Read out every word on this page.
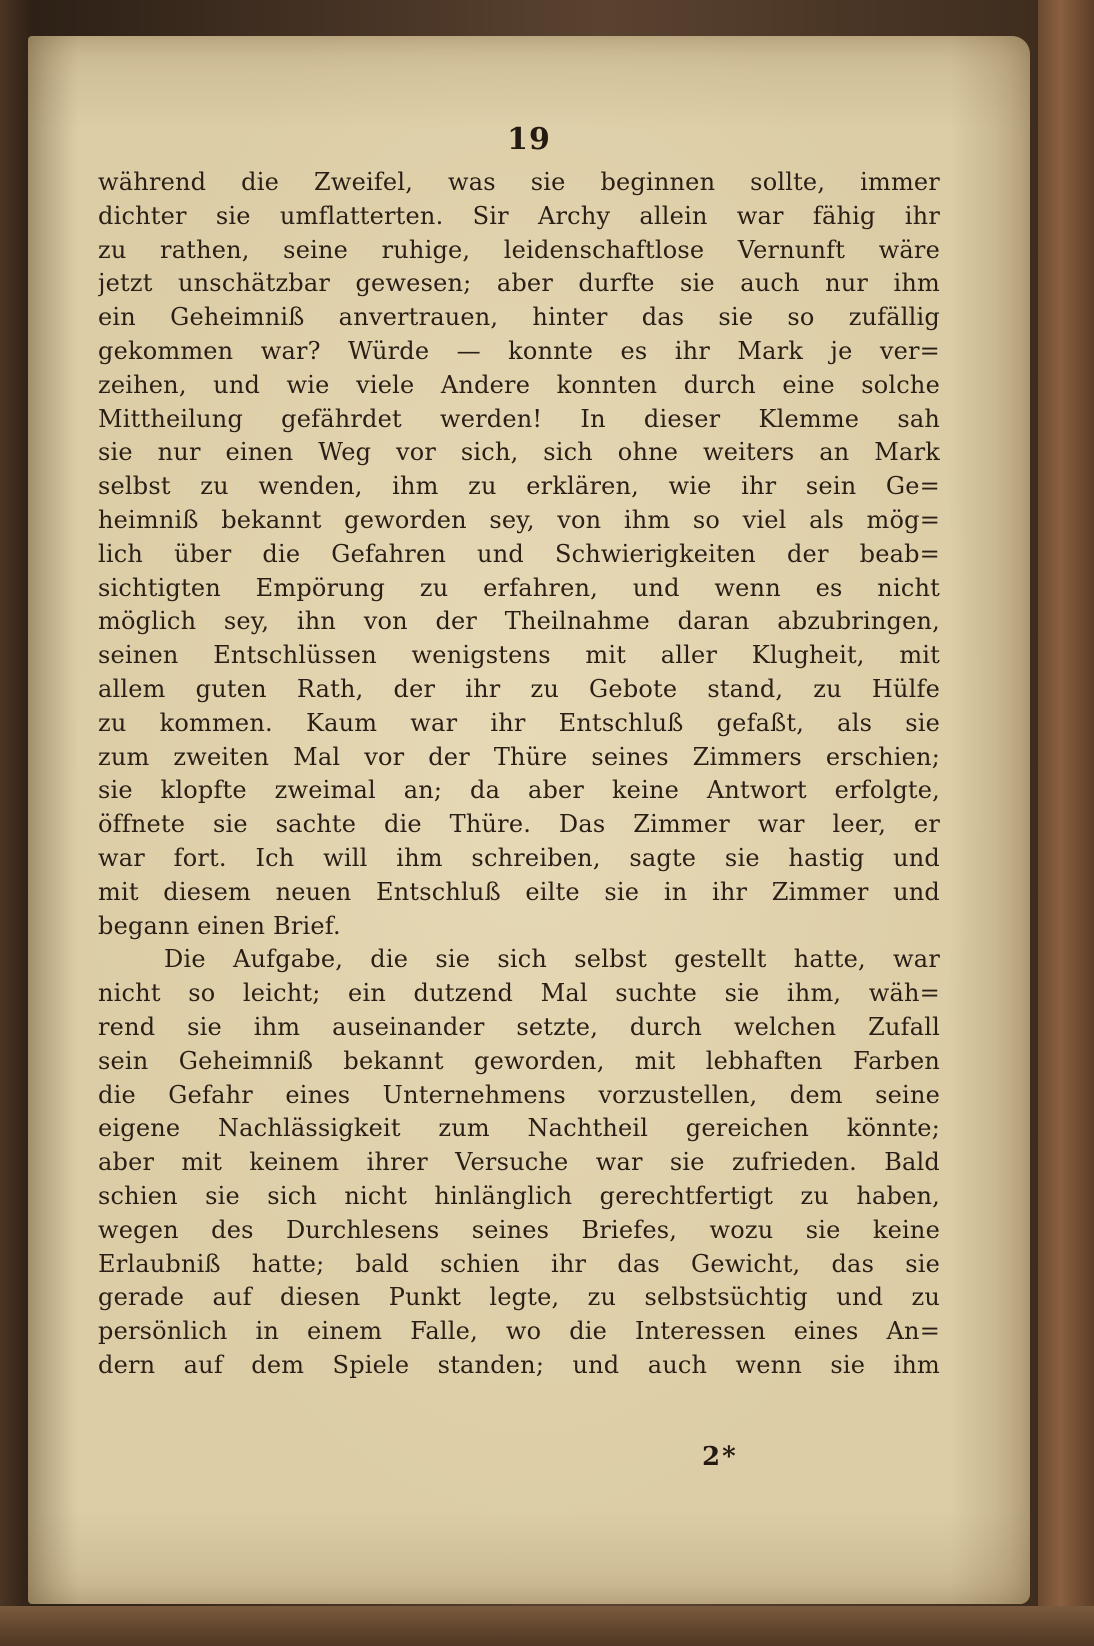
19
während die Zweifel, was sie beginnen sollte, immer
dichter sie umflatterten. Sir Archy allein war fähig ihr
zu rathen, seine ruhige, leidenschaftlose Vernunft wäre
jetzt unschätzbar gewesen; aber durfte sie auch nur ihm
ein Geheimniß anvertrauen, hinter das sie so zufällig
gekommen war? Würde — konnte es ihr Mark je ver=
zeihen, und wie viele Andere konnten durch eine solche
Mittheilung gefährdet werden! In dieser Klemme sah
sie nur einen Weg vor sich, sich ohne weiters an Mark
selbst zu wenden, ihm zu erklären, wie ihr sein Ge=
heimniß bekannt geworden sey, von ihm so viel als mög=
lich über die Gefahren und Schwierigkeiten der beab=
sichtigten Empörung zu erfahren, und wenn es nicht
möglich sey, ihn von der Theilnahme daran abzubringen,
seinen Entschlüssen wenigstens mit aller Klugheit, mit
allem guten Rath, der ihr zu Gebote stand, zu Hülfe
zu kommen. Kaum war ihr Entschluß gefaßt, als sie
zum zweiten Mal vor der Thüre seines Zimmers erschien;
sie klopfte zweimal an; da aber keine Antwort erfolgte,
öffnete sie sachte die Thüre. Das Zimmer war leer, er
war fort. Ich will ihm schreiben, sagte sie hastig und
mit diesem neuen Entschluß eilte sie in ihr Zimmer und
begann einen Brief.
Die Aufgabe, die sie sich selbst gestellt hatte, war
nicht so leicht; ein dutzend Mal suchte sie ihm, wäh=
rend sie ihm auseinander setzte, durch welchen Zufall
sein Geheimniß bekannt geworden, mit lebhaften Farben
die Gefahr eines Unternehmens vorzustellen, dem seine
eigene Nachlässigkeit zum Nachtheil gereichen könnte;
aber mit keinem ihrer Versuche war sie zufrieden. Bald
schien sie sich nicht hinlänglich gerechtfertigt zu haben,
wegen des Durchlesens seines Briefes, wozu sie keine
Erlaubniß hatte; bald schien ihr das Gewicht, das sie
gerade auf diesen Punkt legte, zu selbstsüchtig und zu
persönlich in einem Falle, wo die Interessen eines An=
dern auf dem Spiele standen; und auch wenn sie ihm
2*
